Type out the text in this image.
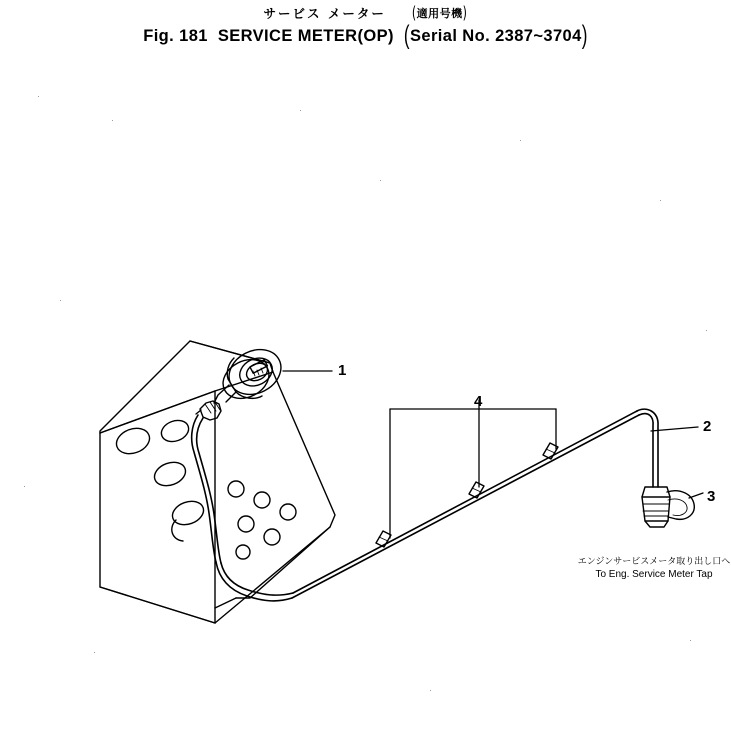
サービス メーター (適用号機)
Fig. 181 SERVICE METER(OP) (Serial No. 2387~3704)
1
2
3
4
エンジンサービスメータ取り出し口へ
To Eng. Service Meter Tap
